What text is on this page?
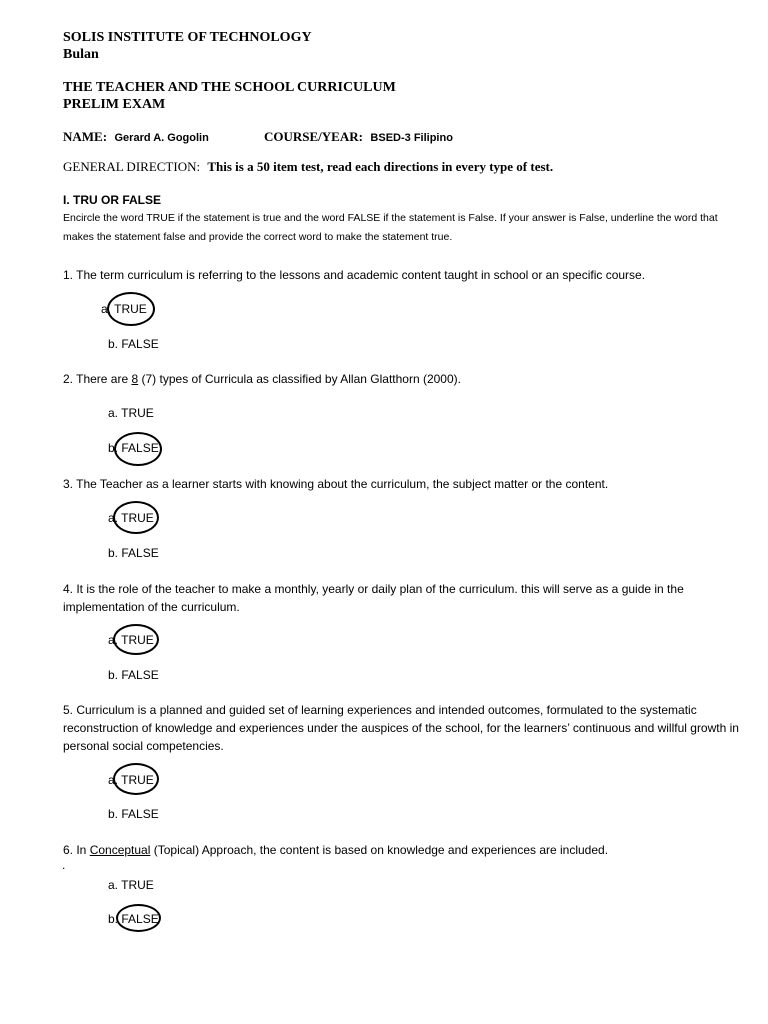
SOLIS INSTITUTE OF TECHNOLOGY
Bulan
THE TEACHER AND THE SCHOOL CURRICULUM
PRELIM EXAM
NAME: Gerard A. Gogolin	COURSE/YEAR: BSED-3 Filipino
GENERAL DIRECTION: This is a 50 item test, read each directions in every type of test.
I. TRU OR FALSE
Encircle the word TRUE if the statement is true and the word FALSE if the statement is False. If your answer is False, underline the word that makes the statement false and provide the correct word to make the statement true.
1. The term curriculum is referring to the lessons and academic content taught in school or an specific course.
a. TRUE
b. FALSE
2. There are 8 (7) types of Curricula as classified by Allan Glatthorn (2000).
a. TRUE
b. FALSE
3. The Teacher as a learner starts with knowing about the curriculum, the subject matter or the content.
a. TRUE
b. FALSE
4. It is the role of the teacher to make a monthly, yearly or daily plan of the curriculum. this will serve as a guide in the implementation of the curriculum.
a. TRUE
b. FALSE
5. Curriculum is a planned and guided set of learning experiences and intended outcomes, formulated to the systematic reconstruction of knowledge and experiences under the auspices of the school, for the learners’ continuous and willful growth in personal social competencies.
a. TRUE
b. FALSE
6. In Conceptual (Topical) Approach, the content is based on knowledge and experiences are included.
.
a. TRUE
b. FALSE
